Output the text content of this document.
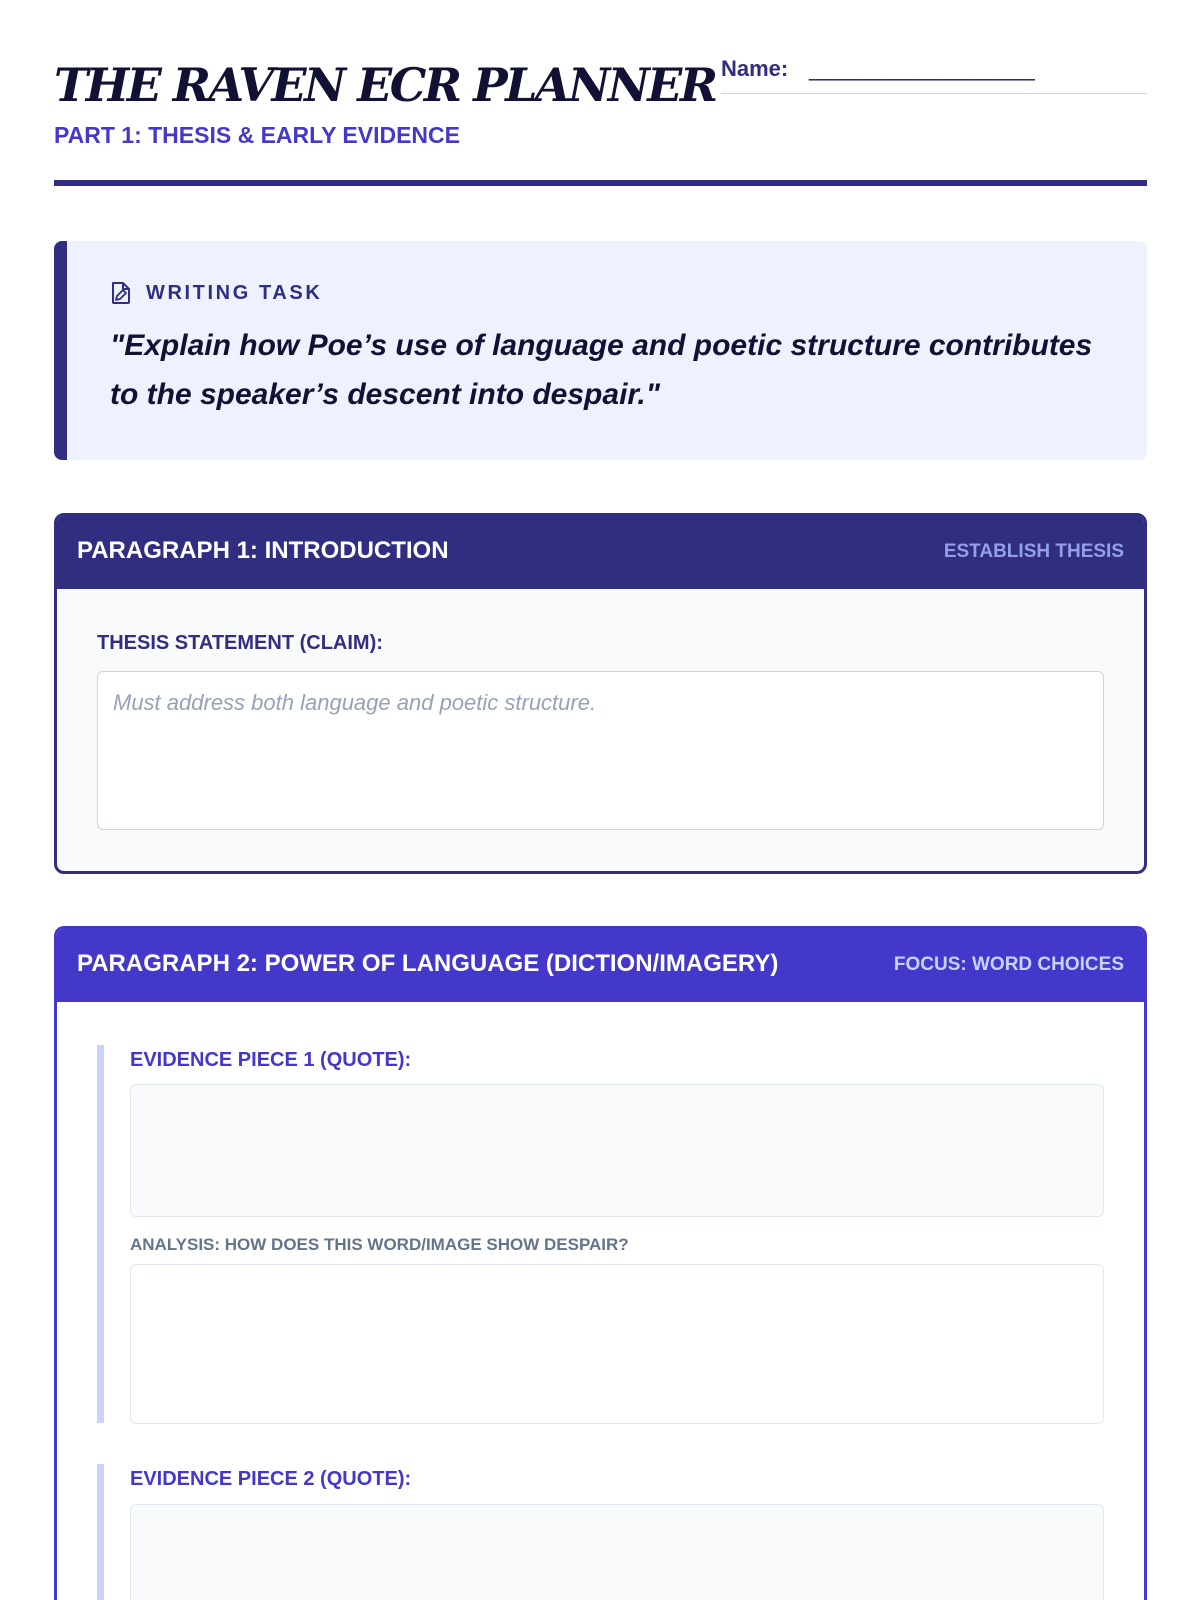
THE RAVEN ECR PLANNER
PART 1: THESIS & EARLY EVIDENCE
Name: ____________________
WRITING TASK
"Explain how Poe’s use of language and poetic structure contributes to the speaker’s descent into despair."
PARAGRAPH 1: INTRODUCTION	ESTABLISH THESIS
THESIS STATEMENT (CLAIM):
Must address both language and poetic structure.
PARAGRAPH 2: POWER OF LANGUAGE (DICTION/IMAGERY)	FOCUS: WORD CHOICES
EVIDENCE PIECE 1 (QUOTE):
ANALYSIS: HOW DOES THIS WORD/IMAGE SHOW DESPAIR?
EVIDENCE PIECE 2 (QUOTE):
